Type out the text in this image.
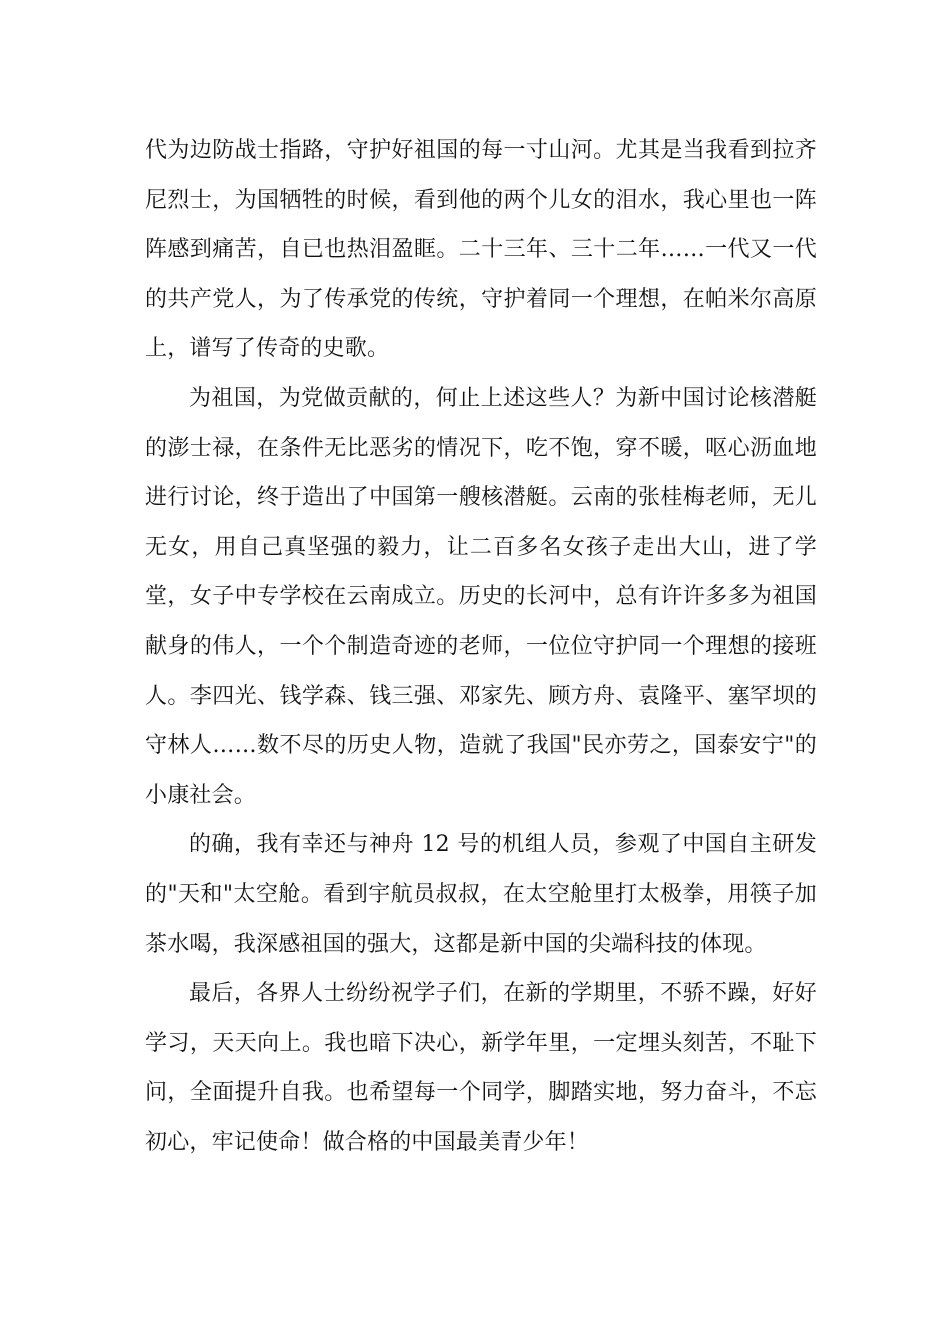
代为边防战士指路，守护好祖国的每一寸山河。尤其是当我看到拉齐尼烈士，为国牺牲的时候，看到他的两个儿女的泪水，我心里也一阵阵感到痛苦，自已也热泪盈眶。二十三年、三十二年……一代又一代的共产党人，为了传承党的传统，守护着同一个理想，在帕米尔高原上，谱写了传奇的史歌。

为祖国，为党做贡献的，何止上述这些人？为新中国讨论核潜艇的澎士禄，在条件无比恶劣的情况下，吃不饱，穿不暖，呕心沥血地进行讨论，终于造出了中国第一艘核潜艇。云南的张桂梅老师，无儿无女，用自己真坚强的毅力，让二百多名女孩子走出大山，进了学堂，女子中专学校在云南成立。历史的长河中，总有许许多多为祖国献身的伟人，一个个制造奇迹的老师，一位位守护同一个理想的接班人。李四光、钱学森、钱三强、邓家先、顾方舟、袁隆平、塞罕坝的守林人……数不尽的历史人物，造就了我国"民亦劳之，国泰安宁"的小康社会。

的确，我有幸还与神舟 12 号的机组人员，参观了中国自主研发的"天和"太空舱。看到宇航员叔叔，在太空舱里打太极拳，用筷子加茶水喝，我深感祖国的强大，这都是新中国的尖端科技的体现。

最后，各界人士纷纷祝学子们，在新的学期里，不骄不躁，好好学习，天天向上。我也暗下决心，新学年里，一定埋头刻苦，不耻下问，全面提升自我。也希望每一个同学，脚踏实地，努力奋斗，不忘初心，牢记使命！做合格的中国最美青少年！
